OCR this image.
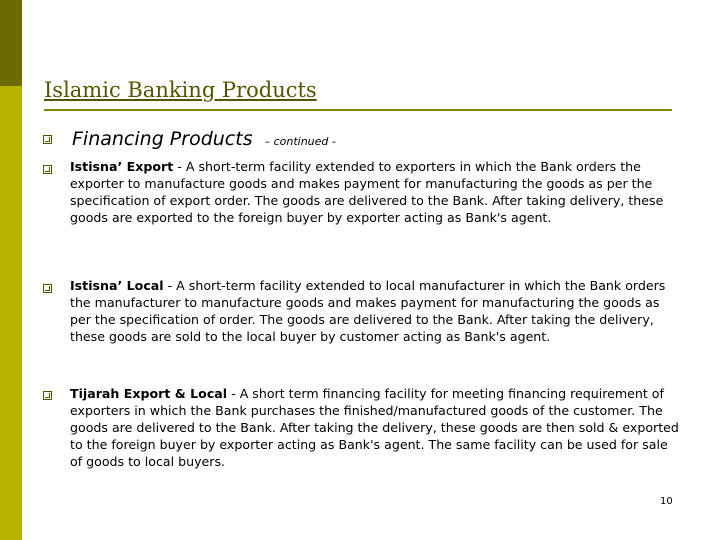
Islamic Banking Products
Financing Products – continued -
Istisna’ Export - A short-term facility extended to exporters in which the Bank orders the exporter to manufacture goods and makes payment for manufacturing the goods as per the specification of export order. The goods are delivered to the Bank. After taking delivery, these goods are exported to the foreign buyer by exporter acting as Bank's agent.
Istisna’ Local - A short-term facility extended to local manufacturer in which the Bank orders the manufacturer to manufacture goods and makes payment for manufacturing the goods as per the specification of order. The goods are delivered to the Bank. After taking the delivery, these goods are sold to the local buyer by customer acting as Bank's agent.
Tijarah Export & Local - A short term financing facility for meeting financing requirement of exporters in which the Bank purchases the finished/manufactured goods of the customer. The goods are delivered to the Bank. After taking the delivery, these goods are then sold & exported to the foreign buyer by exporter acting as Bank's agent. The same facility can be used for sale of goods to local buyers.
10
